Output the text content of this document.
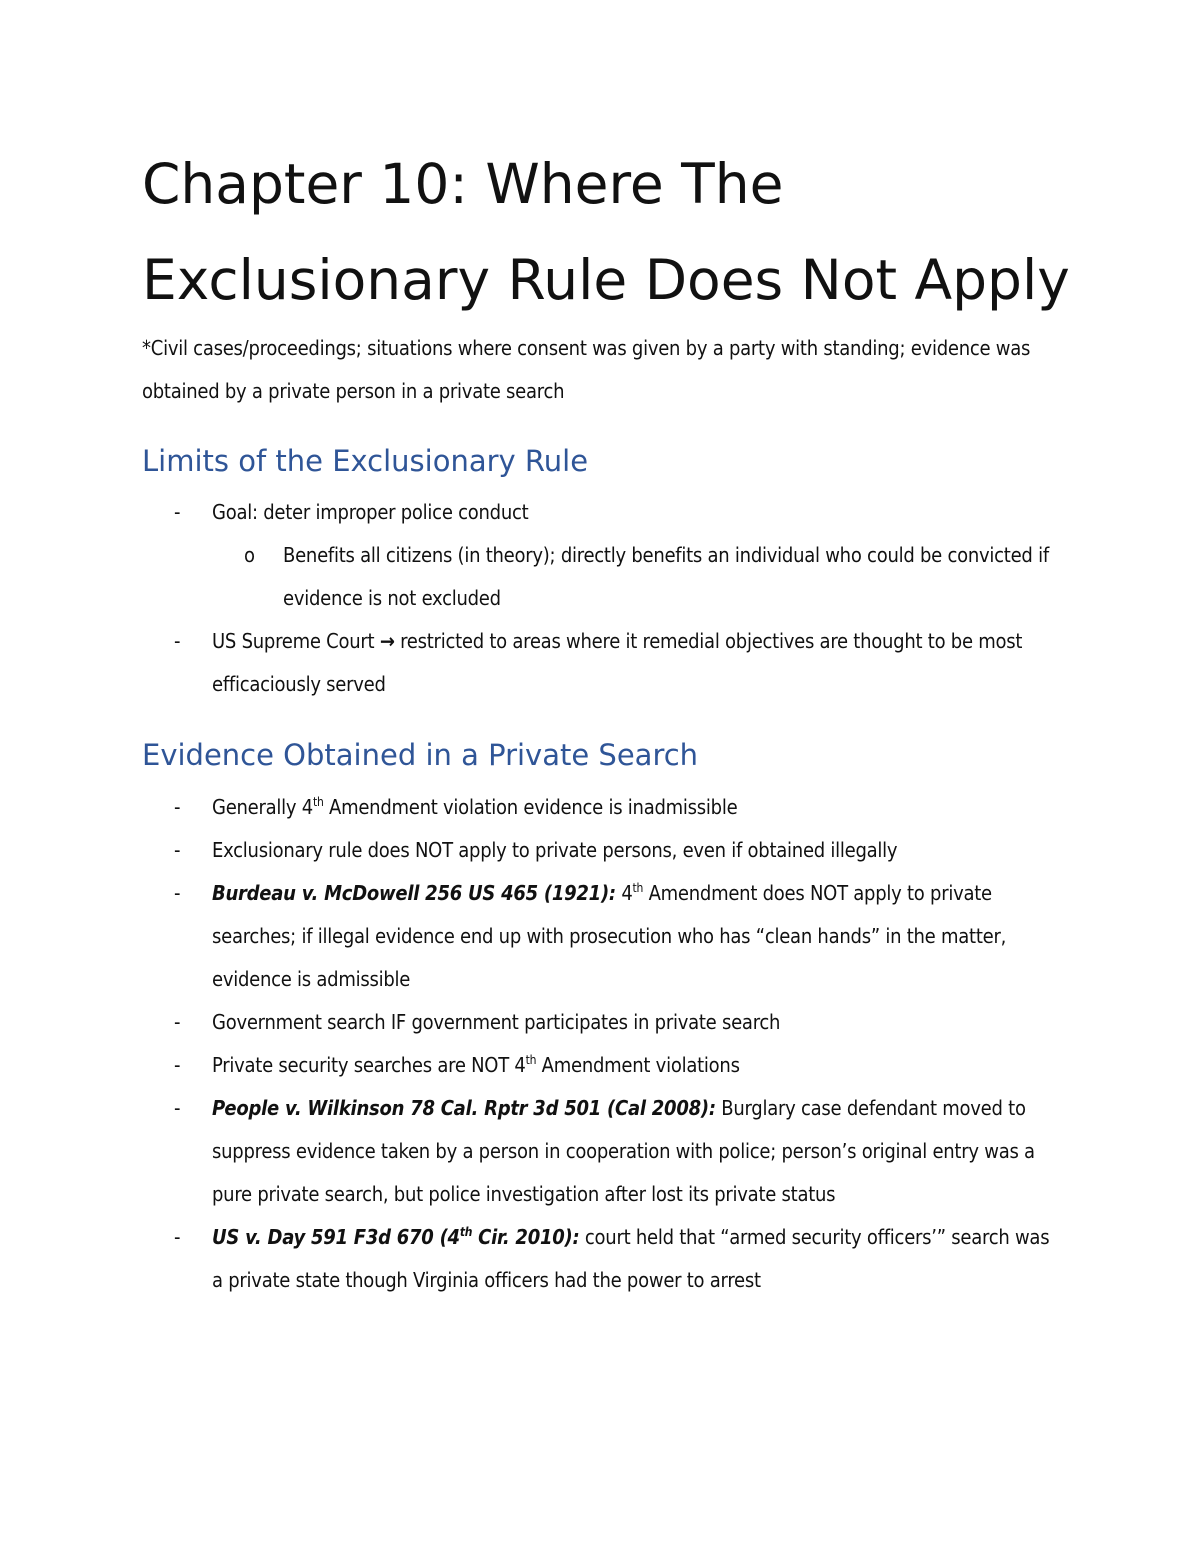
Chapter 10: Where The Exclusionary Rule Does Not Apply

*Civil cases/proceedings; situations where consent was given by a party with standing; evidence was obtained by a private person in a private search

Limits of the Exclusionary Rule
- Goal: deter improper police conduct
o Benefits all citizens (in theory); directly benefits an individual who could be convicted if evidence is not excluded
- US Supreme Court → restricted to areas where it remedial objectives are thought to be most efficaciously served
Evidence Obtained in a Private Search
- Generally 4th Amendment violation evidence is inadmissible
- Exclusionary rule does NOT apply to private persons, even if obtained illegally
- Burdeau v. McDowell 256 US 465 (1921): 4th Amendment does NOT apply to private searches; if illegal evidence end up with prosecution who has “clean hands” in the matter, evidence is admissible
- Government search IF government participates in private search
- Private security searches are NOT 4th Amendment violations
- People v. Wilkinson 78 Cal. Rptr 3d 501 (Cal 2008): Burglary case defendant moved to suppress evidence taken by a person in cooperation with police; person’s original entry was a pure private search, but police investigation after lost its private status
- US v. Day 591 F3d 670 (4th Cir. 2010): court held that “armed security officers’” search was a private state though Virginia officers had the power to arrest
